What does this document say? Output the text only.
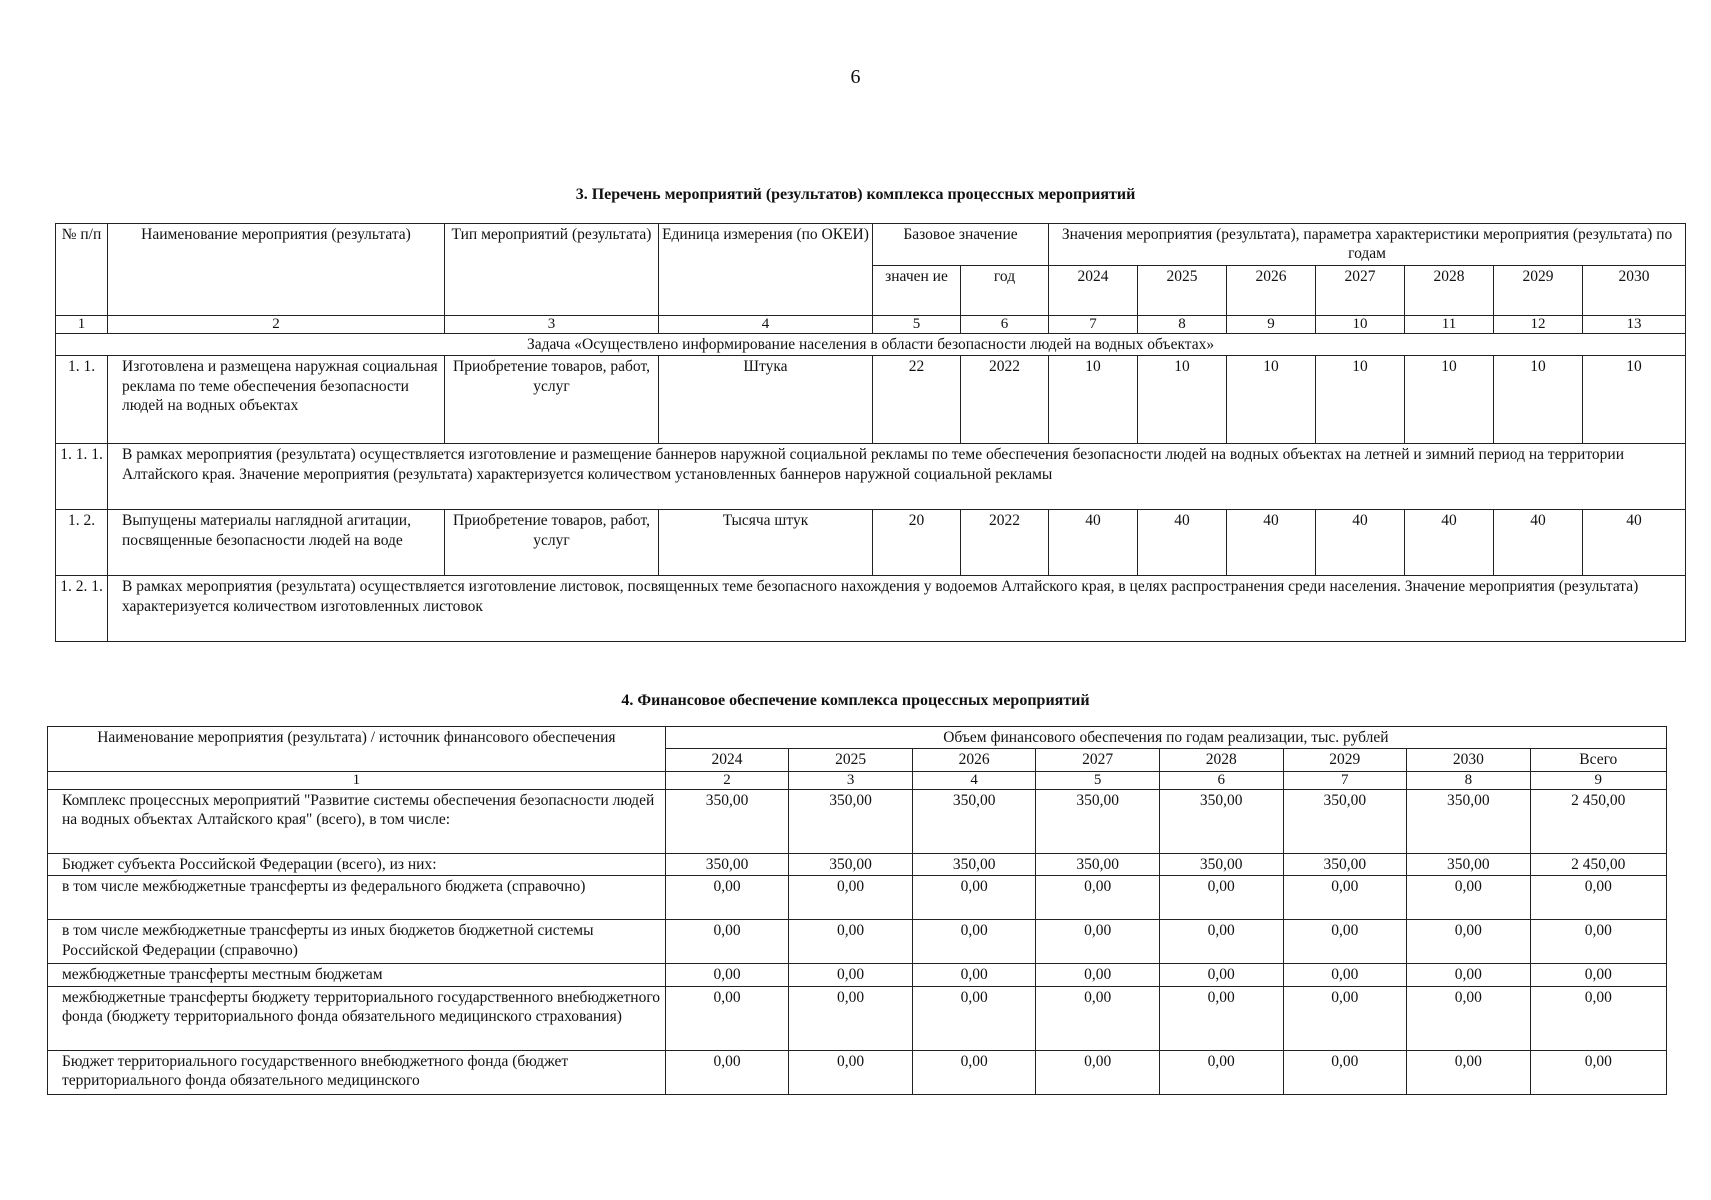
6
3. Перечень мероприятий (результатов) комплекса процессных мероприятий
№ п/п	Наименование мероприятия (результата)	Тип мероприятий (результата)	Единица измерения (по ОКЕИ)	Базовое значение		Значения мероприятия (результата), параметра характеристики мероприятия (результата) по годам						
				значен ие	год	2024	2025	2026	2027	2028	2029	2030
1	2	3	4	5	6	7	8	9	10	11	12	13
Задача «Осуществлено информирование населения в области безопасности людей на водных объектах»												
1. 1.	Изготовлена и размещена наружная социальная реклама по теме обеспечения безопасности людей на водных объектах	Приобретение товаров, работ, услуг	Штука	22	2022	10	10	10	10	10	10	10
1. 1. 1.	В рамках мероприятия (результата) осуществляется изготовление и размещение баннеров наружной социальной рекламы по теме обеспечения безопасности людей на водных объектах на летней и зимний период на территории Алтайского края. Значение мероприятия (результата) характеризуется количеством установленных баннеров наружной социальной рекламы											
1. 2.	Выпущены материалы наглядной агитации, посвященные безопасности людей на воде	Приобретение товаров, работ, услуг	Тысяча штук	20	2022	40	40	40	40	40	40	40
1. 2. 1.	В рамках мероприятия (результата) осуществляется изготовление листовок, посвященных теме безопасного нахождения у водоемов Алтайского края, в целях распространения среди населения. Значение мероприятия (результата) характеризуется количеством изготовленных листовок											
4. Финансовое обеспечение комплекса процессных мероприятий
Наименование мероприятия (результата) / источник финансового обеспечения	Объем финансового обеспечения по годам реализации, тыс. рублей							
	2024	2025	2026	2027	2028	2029	2030	Всего
1	2	3	4	5	6	7	8	9
Комплекс процессных мероприятий "Развитие системы обеспечения безопасности людей на водных объектах Алтайского края" (всего), в том числе:	350,00	350,00	350,00	350,00	350,00	350,00	350,00	2 450,00
Бюджет субъекта Российской Федерации (всего), из них:	350,00	350,00	350,00	350,00	350,00	350,00	350,00	2 450,00
в том числе межбюджетные трансферты из федерального бюджета (справочно)	0,00	0,00	0,00	0,00	0,00	0,00	0,00	0,00
в том числе межбюджетные трансферты из иных бюджетов бюджетной системы Российской Федерации (справочно)	0,00	0,00	0,00	0,00	0,00	0,00	0,00	0,00
межбюджетные трансферты местным бюджетам	0,00	0,00	0,00	0,00	0,00	0,00	0,00	0,00
межбюджетные трансферты бюджету территориального государственного внебюджетного фонда (бюджету территориального фонда обязательного медицинского страхования)	0,00	0,00	0,00	0,00	0,00	0,00	0,00	0,00
Бюджет территориального государственного внебюджетного фонда (бюджет территориального фонда обязательного медицинского	0,00	0,00	0,00	0,00	0,00	0,00	0,00	0,00
